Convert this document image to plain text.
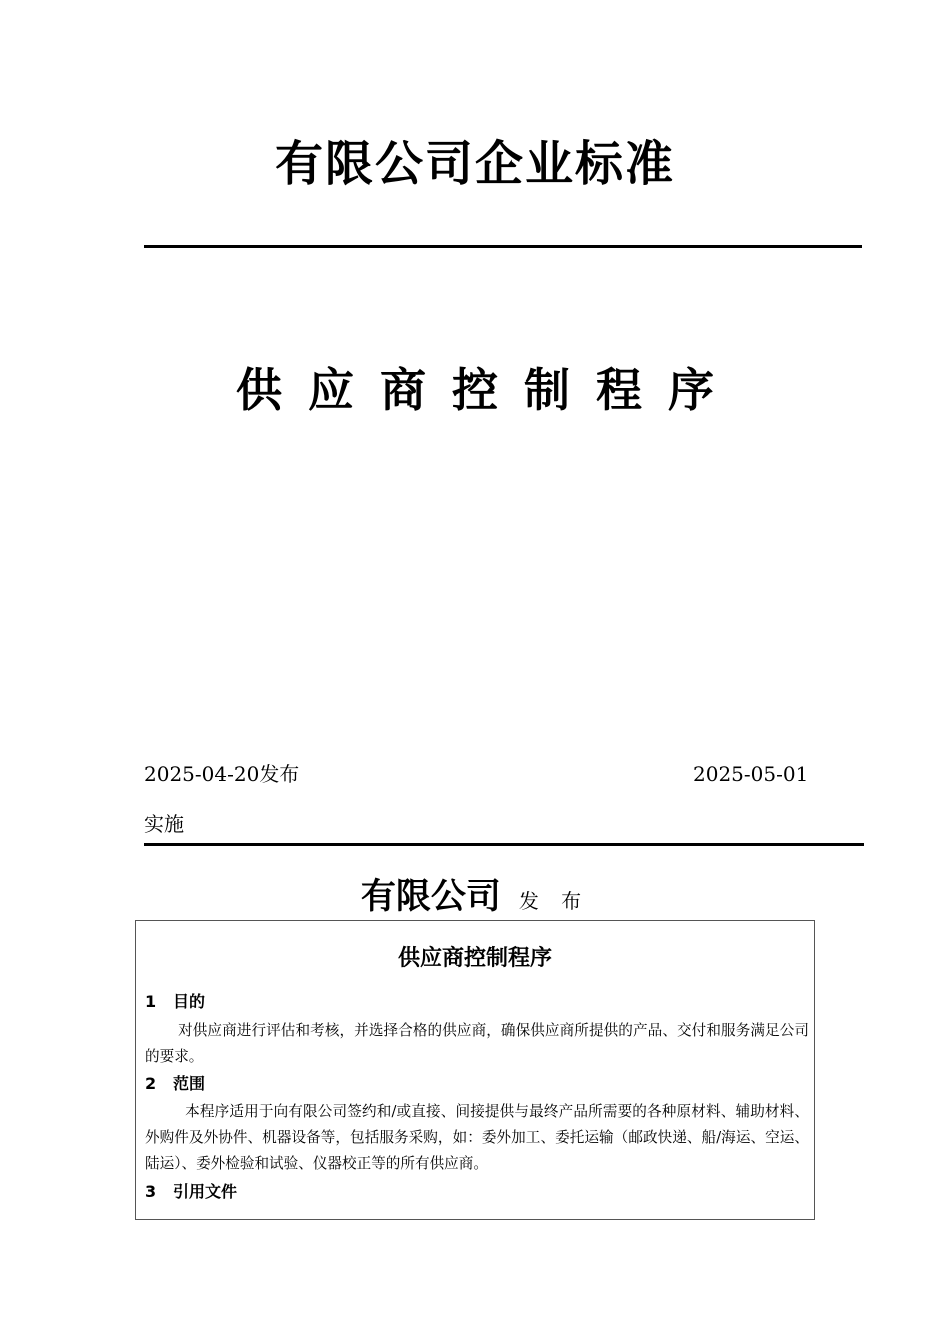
有限公司企业标准
供应商控制程序
2025-04-20发布	2025-05-01
实施
有限公司 发 布
供应商控制程序
1 目的
对供应商进行评估和考核，并选择合格的供应商，确保供应商所提供的产品、交付和服务满足公司的要求。
2 范围
本程序适用于向有限公司签约和/或直接、间接提供与最终产品所需要的各种原材料、辅助材料、外购件及外协件、机器设备等，包括服务采购，如：委外加工、委托运输（邮政快递、船/海运、空运、陆运）、委外检验和试验、仪器校正等的所有供应商。
3 引用文件
